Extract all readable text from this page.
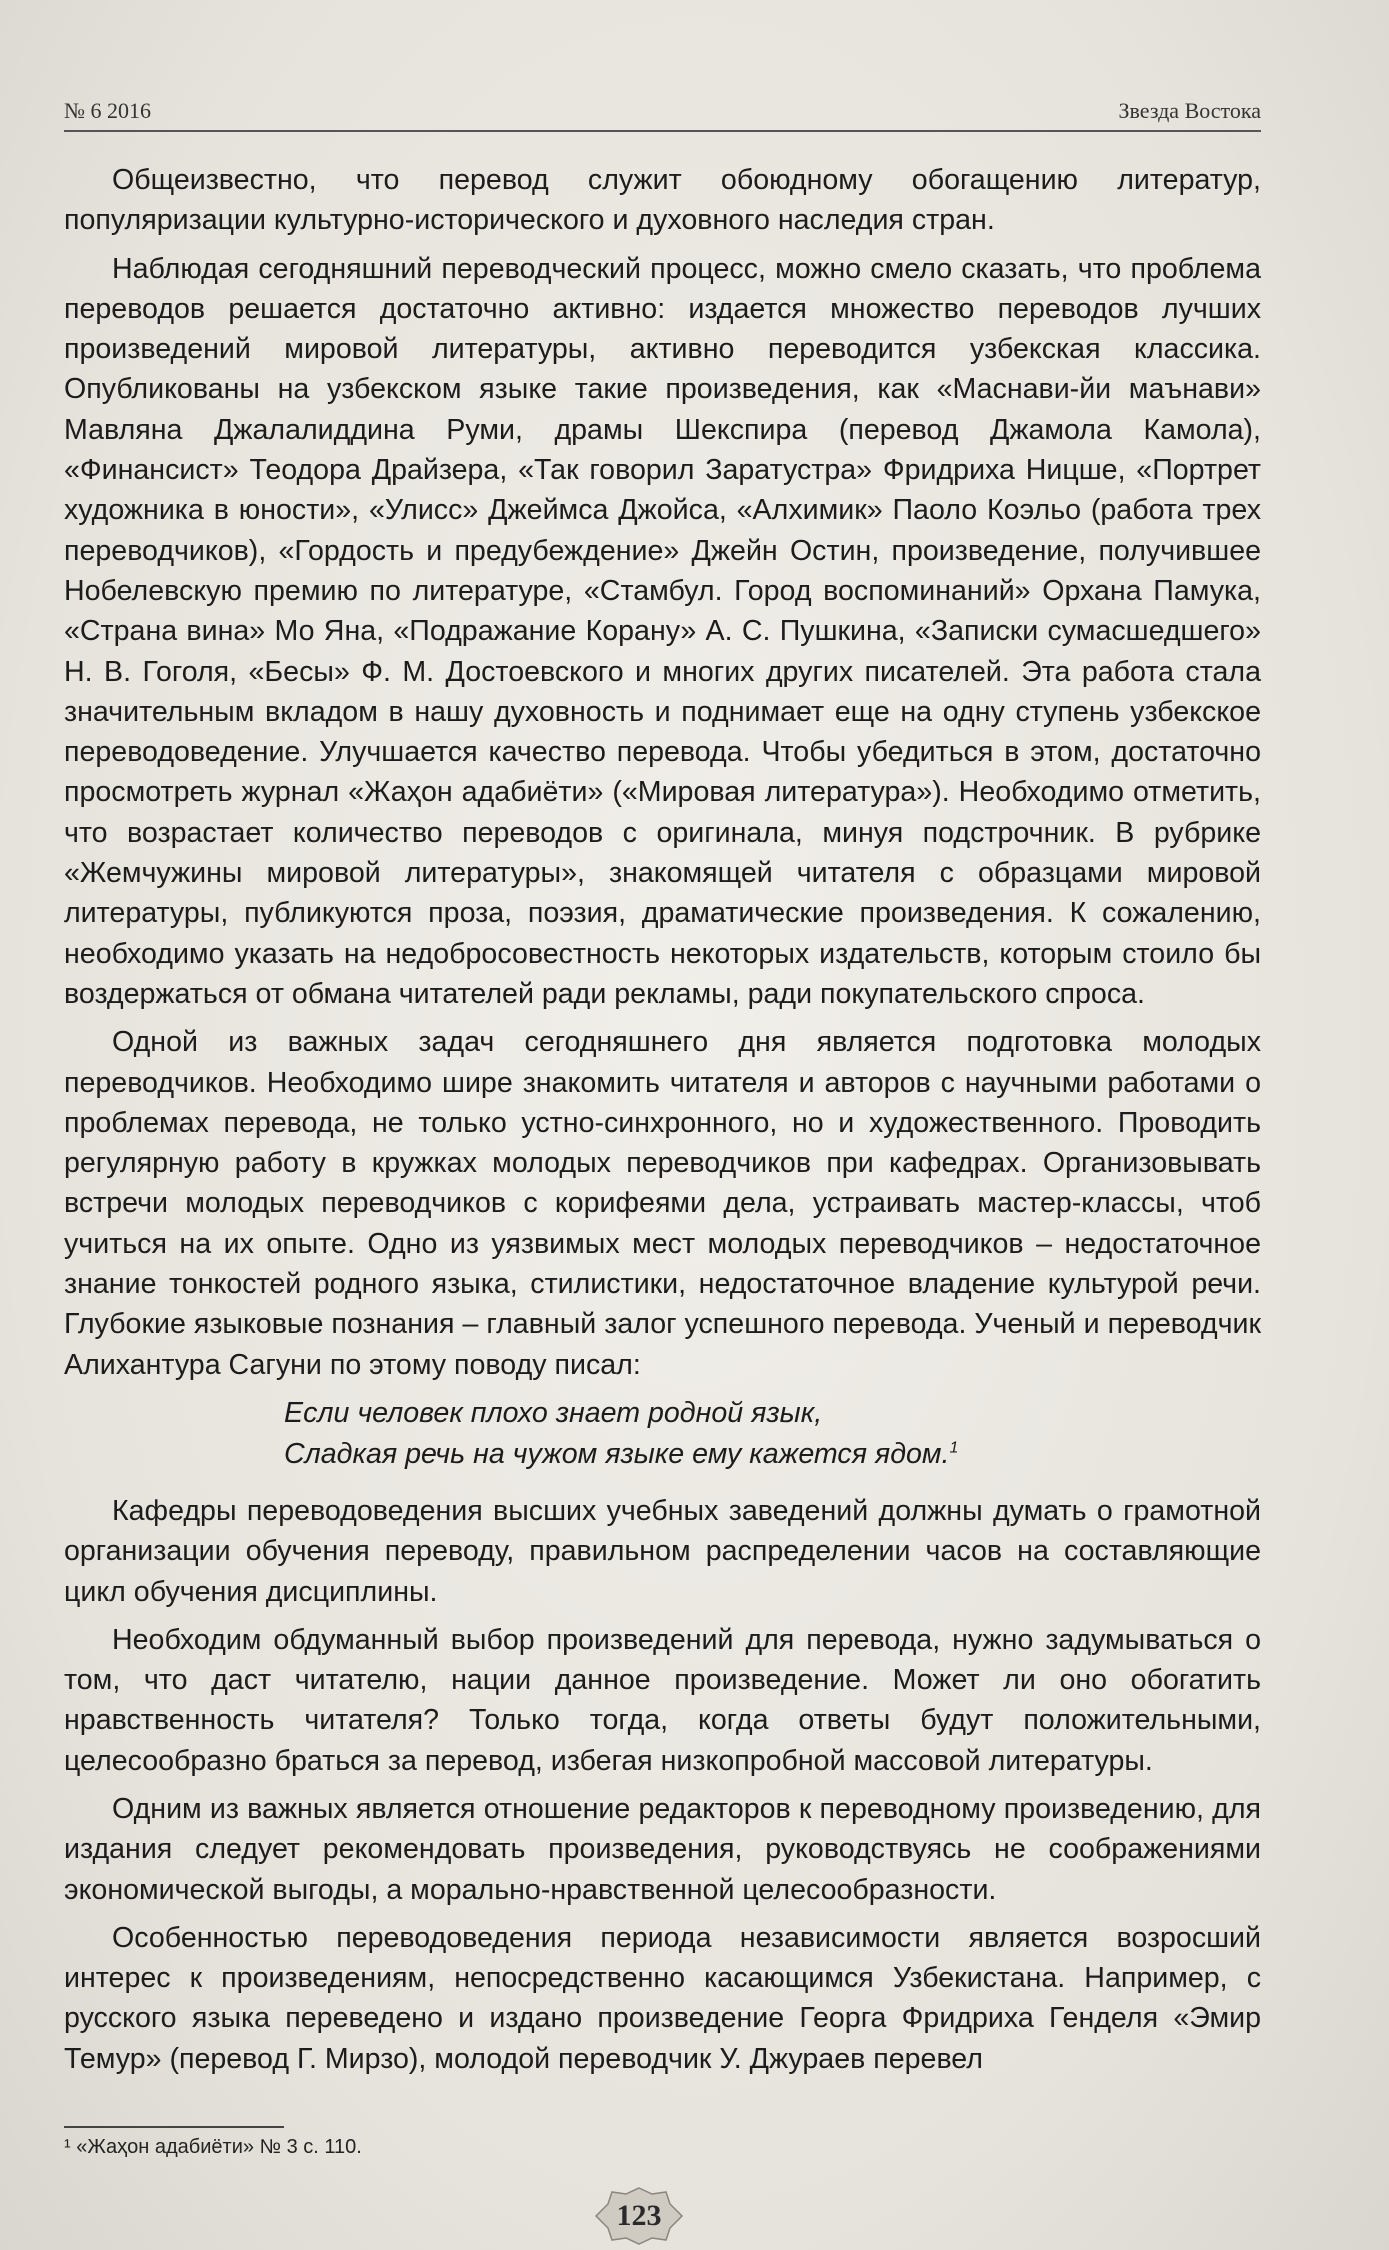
№ 6 2016	Звезда Востока

Общеизвестно, что перевод служит обоюдному обогащению литератур, популяризации культурно-исторического и духовного наследия стран.

Наблюдая сегодняшний переводческий процесс, можно смело сказать, что проблема переводов решается достаточно активно: издается множество переводов лучших произведений мировой литературы, активно переводится узбекская классика. Опубликованы на узбекском языке такие произведения, как «Маснави-йи маънави» Мавляна Джалалиддина Руми, драмы Шекспира (перевод Джамола Камола), «Финансист» Теодора Драйзера, «Так говорил Заратустра» Фридриха Ницше, «Портрет художника в юности», «Улисс» Джеймса Джойса, «Алхимик» Паоло Коэльо (работа трех переводчиков), «Гордость и предубеждение» Джейн Остин, произведение, получившее Нобелевскую премию по литературе, «Стамбул. Город воспоминаний» Орхана Памука, «Страна вина» Мо Яна, «Подражание Корану» А. С. Пушкина, «Записки сумасшедшего» Н. В. Гоголя, «Бесы» Ф. М. Достоевского и многих других писателей. Эта работа стала значительным вкладом в нашу духовность и поднимает еще на одну ступень узбекское переводоведение. Улучшается качество перевода. Чтобы убедиться в этом, достаточно просмотреть журнал «Жаҳон адабиёти» («Мировая литература»). Необходимо отметить, что возрастает количество переводов с оригинала, минуя подстрочник. В рубрике «Жемчужины мировой литературы», знакомящей читателя с образцами мировой литературы, публикуются проза, поэзия, драматические произведения. К сожалению, необходимо указать на недобросовестность некоторых издательств, которым стоило бы воздержаться от обмана читателей ради рекламы, ради покупательского спроса.

Одной из важных задач сегодняшнего дня является подготовка молодых переводчиков. Необходимо шире знакомить читателя и авторов с научными работами о проблемах перевода, не только устно-синхронного, но и художественного. Проводить регулярную работу в кружках молодых переводчиков при кафедрах. Организовывать встречи молодых переводчиков с корифеями дела, устраивать мастер-классы, чтоб учиться на их опыте. Одно из уязвимых мест молодых переводчиков – недостаточное знание тонкостей родного языка, стилистики, недостаточное владение культурой речи. Глубокие языковые познания – главный залог успешного перевода. Ученый и переводчик Алихантура Сагуни по этому поводу писал:

Если человек плохо знает родной язык,
Сладкая речь на чужом языке ему кажется ядом.$^1$

Кафедры переводоведения высших учебных заведений должны думать о грамотной организации обучения переводу, правильном распределении часов на составляющие цикл обучения дисциплины.

Необходим обдуманный выбор произведений для перевода, нужно задумываться о том, что даст читателю, нации данное произведение. Может ли оно обогатить нравственность читателя? Только тогда, когда ответы будут положительными, целесообразно браться за перевод, избегая низкопробной массовой литературы.

Одним из важных является отношение редакторов к переводному произведению, для издания следует рекомендовать произведения, руководствуясь не соображениями экономической выгоды, а морально-нравственной целесообразности.

Особенностью переводоведения периода независимости является возросший интерес к произведениям, непосредственно касающимся Узбекистана. Например, с русского языка переведено и издано произведение Георга Фридриха Генделя «Эмир Темур» (перевод Г. Мирзо), молодой переводчик У. Джураев перевел

¹ «Жаҳон адабиёти» № 3 с. 110.
123
